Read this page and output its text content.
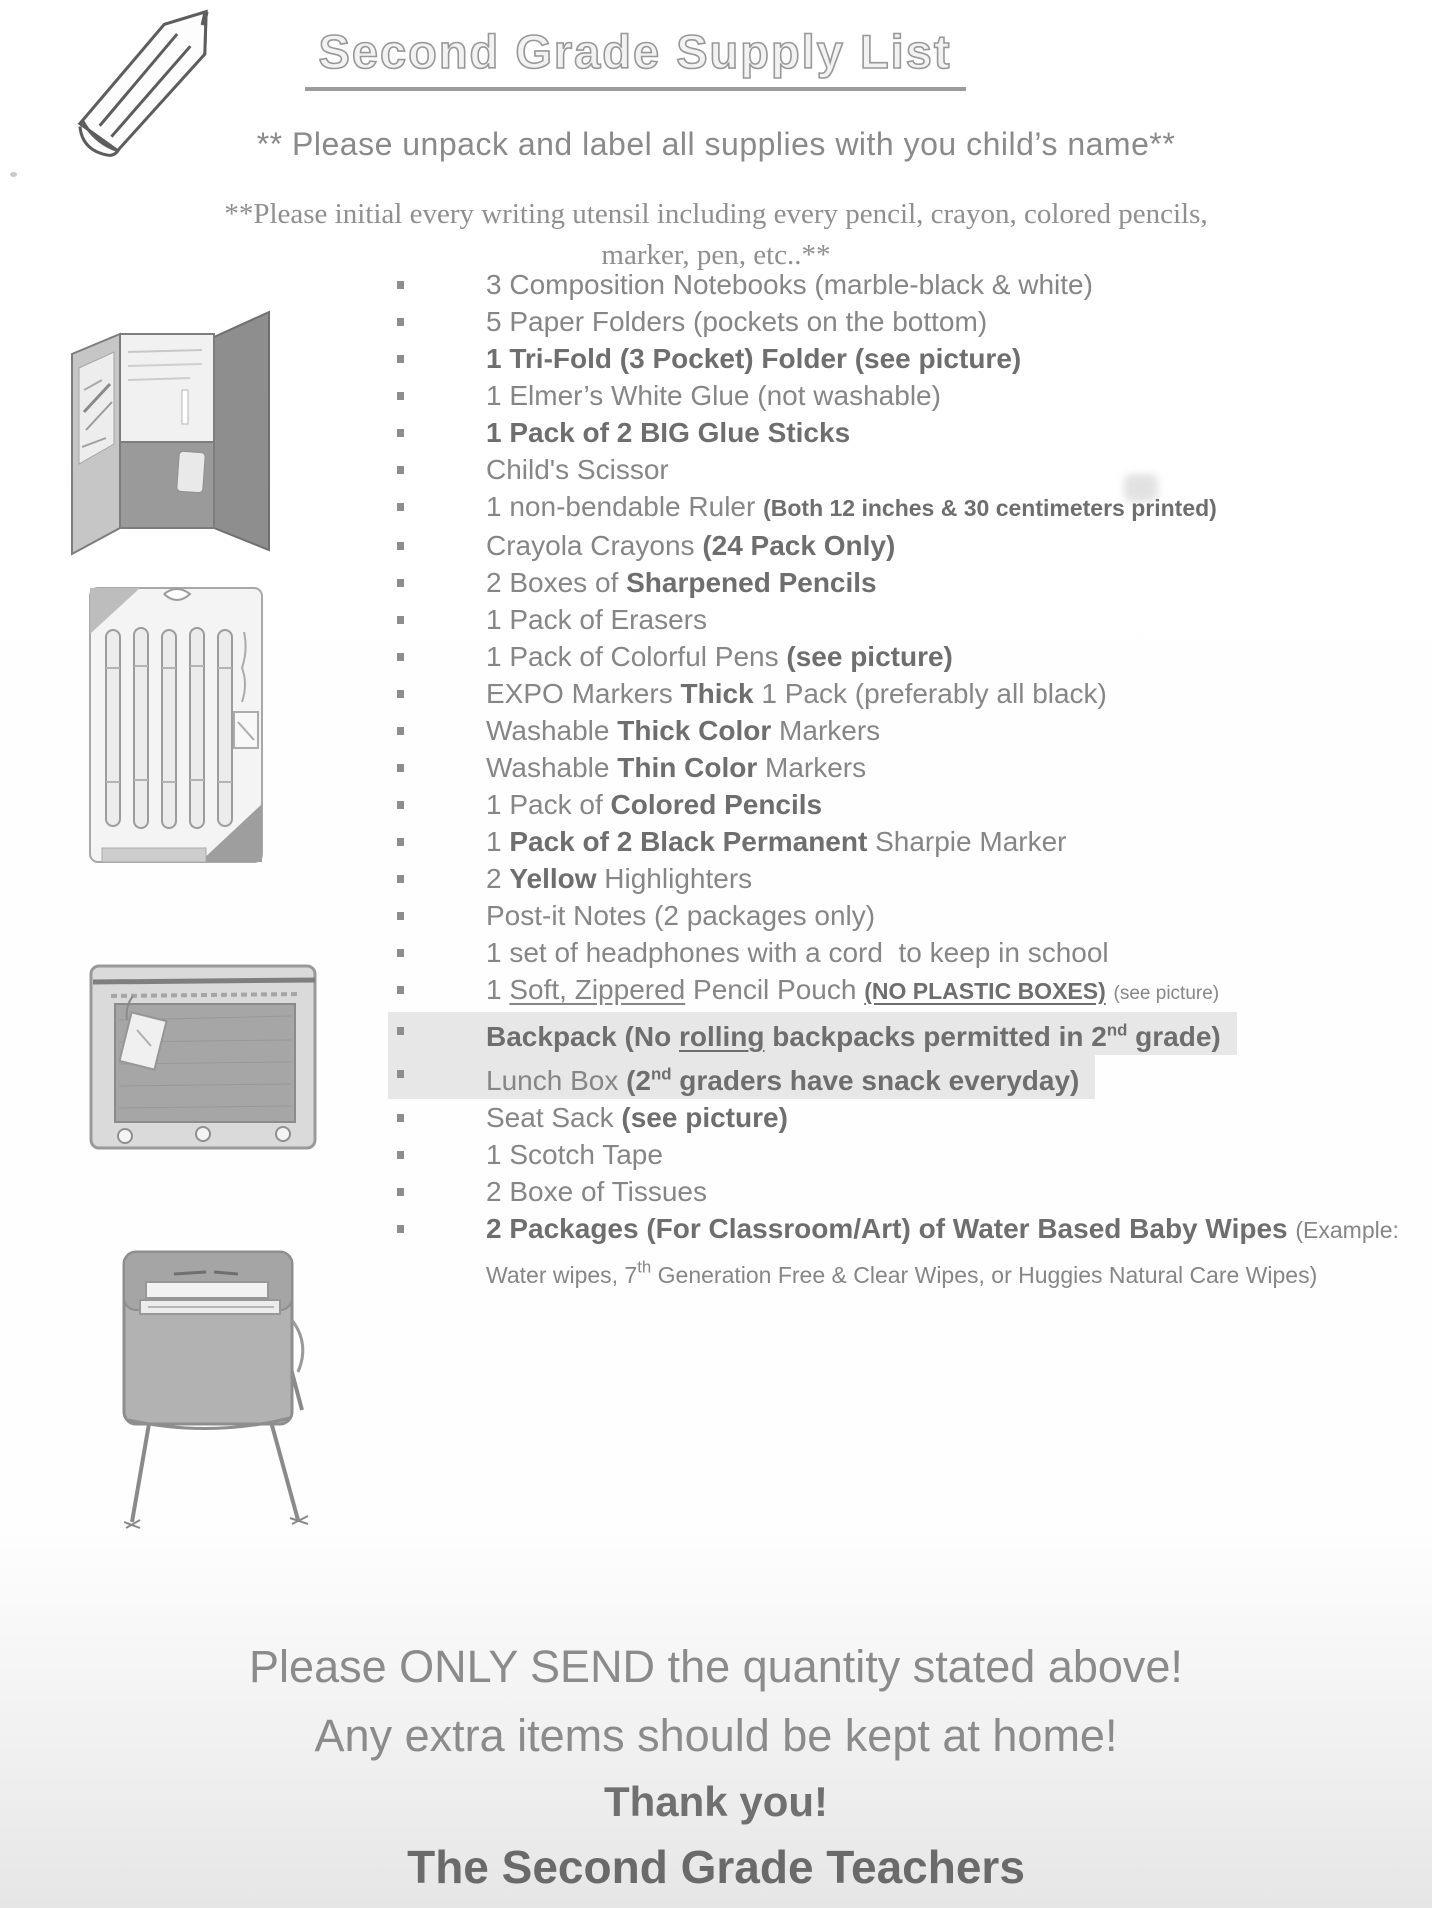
Second Grade Supply List
** Please unpack and label all supplies with you child’s name**
**Please initial every writing utensil including every pencil, crayon, colored pencils, marker, pen, etc..**
3 Composition Notebooks (marble-black & white)
5 Paper Folders (pockets on the bottom)
1 Tri-Fold (3 Pocket) Folder (see picture)
1 Elmer’s White Glue (not washable)
1 Pack of 2 BIG Glue Sticks
Child's Scissor
1 non-bendable Ruler (Both 12 inches & 30 centimeters printed)
Crayola Crayons (24 Pack Only)
2 Boxes of Sharpened Pencils
1 Pack of Erasers
1 Pack of Colorful Pens (see picture)
EXPO Markers Thick 1 Pack (preferably all black)
Washable Thick Color Markers
Washable Thin Color Markers
1 Pack of Colored Pencils
1 Pack of 2 Black Permanent Sharpie Marker
2 Yellow Highlighters
Post-it Notes (2 packages only)
1 set of headphones with a cord  to keep in school
1 Soft, Zippered Pencil Pouch (NO PLASTIC BOXES) (see picture)
Backpack (No rolling backpacks permitted in 2nd grade)
Lunch Box (2nd graders have snack everyday)
Seat Sack (see picture)
1 Scotch Tape
2 Boxe of Tissues
2 Packages (For Classroom/Art) of Water Based Baby Wipes (Example: Water wipes, 7th Generation Free & Clear Wipes, or Huggies Natural Care Wipes)
Please ONLY SEND the quantity stated above!
Any extra items should be kept at home!
Thank you!
The Second Grade Teachers
